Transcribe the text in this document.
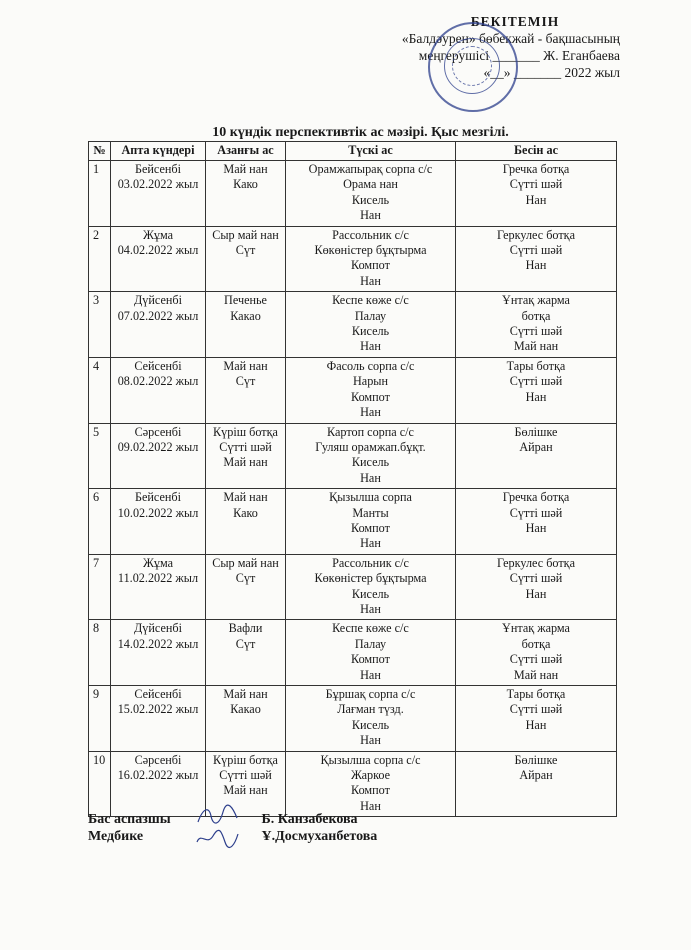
БЕКІТЕМІН
«Балдәурен» бөбекжай - бақшасының
меңгерушісі _______ Ж. Еганбаева
«__» _______ 2022 жыл
10 күндік перспективтік ас мәзірі. Қыс мезгілі.
№	Апта күндері	Азанғы ас	Түскі ас	Бесін ас
1	Бейсенбі
03.02.2022 жыл	Май нан
Како	Орамжапырақ сорпа с/с
Орама нан
Кисель
Нан	Гречка ботқа
Сүтті шәй
Нан

2	Жұма
04.02.2022 жыл	Сыр май нан
Сүт	Рассольник с/с
Көкөністер бұқтырма
Компот
Нан	Геркулес ботқа
Сүтті шәй
Нан

3	Дүйсенбі
07.02.2022 жыл	Печенье
Какао	Кеспе көже с/с
Палау
Кисель
Нан	Ұнтақ жарма
ботқа
Сүтті шәй
Май нан

4	Сейсенбі
08.02.2022 жыл	Май нан
Сүт	Фасоль сорпа с/с
Нарын
Компот
Нан	Тары ботқа
Сүтті шәй
Нан

5	Сәрсенбі
09.02.2022 жыл	Күріш ботқа
Сүтті шәй
Май нан	Картоп сорпа с/с
Гуляш орамжап.бұқт.
Кисель
Нан	Бөлішке
Айран

6	Бейсенбі
10.02.2022 жыл	Май нан
Како	Қызылша сорпа
Манты
Компот
Нан	Гречка ботқа
Сүтті шәй
Нан

7	Жұма
11.02.2022 жыл	Сыр май нан
Сүт	Рассольник с/с
Көкөністер бұқтырма
Кисель
Нан	Геркулес ботқа
Сүтті шәй
Нан

8	Дүйсенбі
14.02.2022 жыл	Вафли
Сүт	Кеспе көже с/с
Палау
Компот
Нан	Ұнтақ жарма
ботқа
Сүтті шәй
Май нан

9	Сейсенбі
15.02.2022 жыл	Май нан
Какао	Бұршақ сорпа с/с
Лағман түзд.
Кисель
Нан	Тары ботқа
Сүтті шәй
Нан

10	Сәрсенбі
16.02.2022 жыл	Күріш ботқа
Сүтті шәй
Май нан	Қызылша сорпа с/с
Жаркое
Компот
Нан	Бөлішке
Айран
Бас аспазшы	Б. Канзабекова
Медбике	Ұ.Досмуханбетова
